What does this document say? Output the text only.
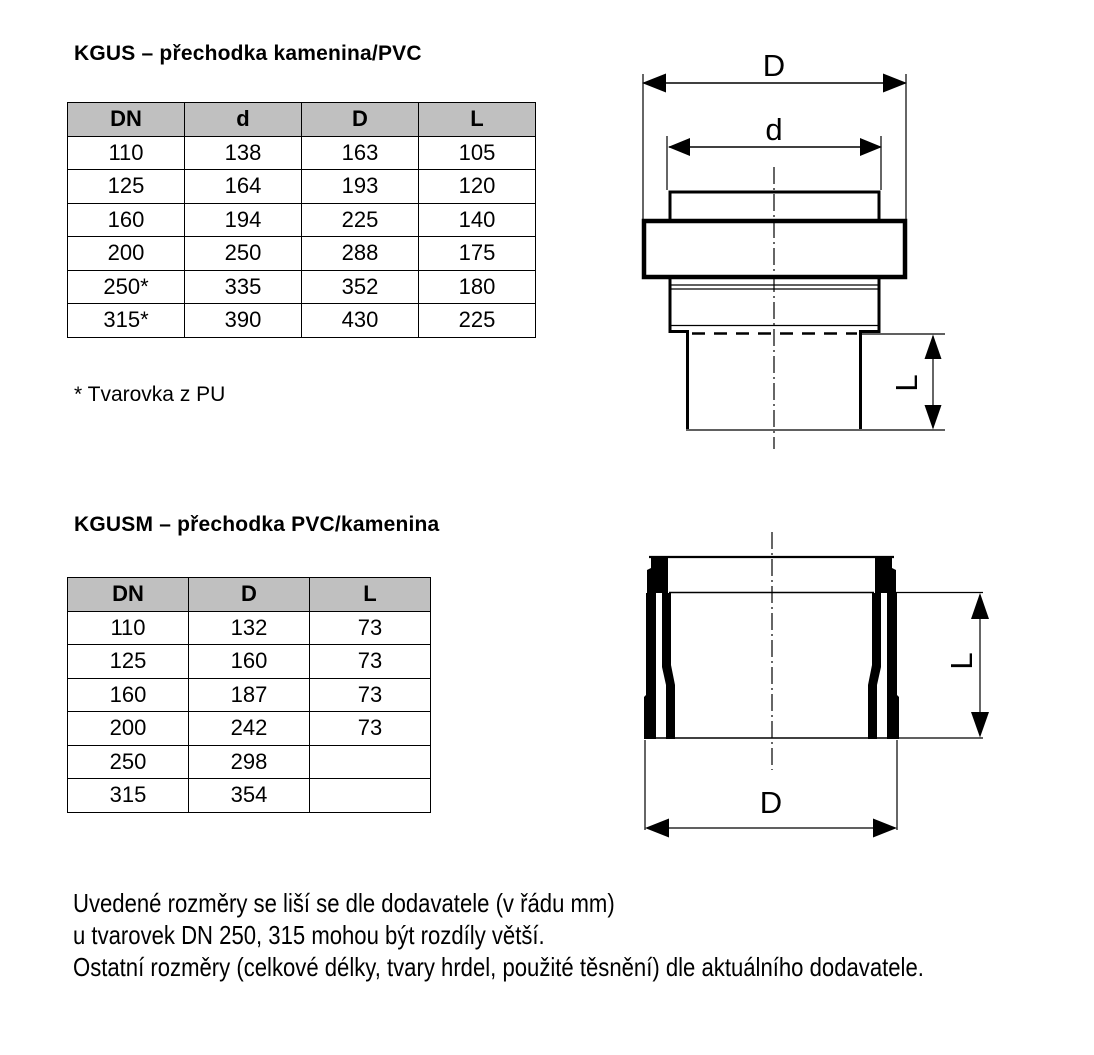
KGUS – přechodka kamenina/PVC
DN	d	D	L
110	138	163	105
125	164	193	120
160	194	225	140
200	250	288	175
250*	335	352	180
315*	390	430	225
* Tvarovka z PU
KGUSM – přechodka PVC/kamenina
DN	D	L
110	132	73
125	160	73
160	187	73
200	242	73
250	298	
315	354	
D
d
L
L
D
Uvedené rozměry se liší se dle dodavatele (v řádu mm)
u tvarovek DN 250, 315 mohou být rozdíly větší.
Ostatní rozměry (celkové délky, tvary hrdel, použité těsnění) dle aktuálního dodavatele.
